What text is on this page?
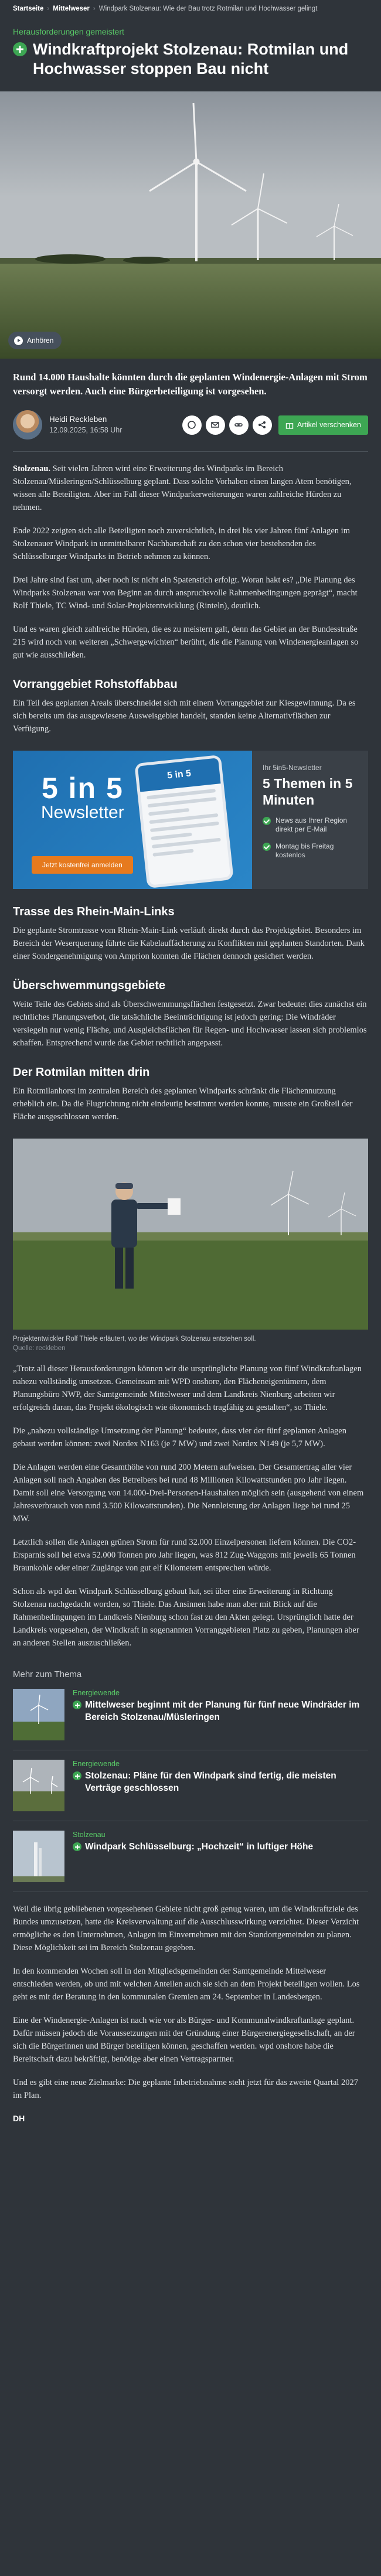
Startseite › Mittelweser › Windpark Stolzenau: Wie der Bau trotz Rotmilan und Hochwasser gelingt
Herausforderungen gemeistert
Windkraftprojekt Stolzenau: Rotmilan und Hochwasser stoppen Bau nicht
Anhören

Rund 14.000 Haushalte könnten durch die geplanten Windenergie-Anlagen mit Strom versorgt werden. Auch eine Bürgerbeteiligung ist vorgesehen.

Heidi Reckleben
12.09.2025, 16:58 Uhr
Artikel verschenken

Stolzenau. Seit vielen Jahren wird eine Erweiterung des Windparks im Bereich Stolzenau/Müsleringen/Schlüsselburg geplant. Dass solche Vorhaben einen langen Atem benötigen, wissen alle Beteiligten. Aber im Fall dieser Windparkerweiterungen waren zahlreiche Hürden zu nehmen.

Ende 2022 zeigten sich alle Beteiligten noch zuversichtlich, in drei bis vier Jahren fünf Anlagen im Stolzenauer Windpark in unmittelbarer Nachbarschaft zu den schon vier bestehenden des Schlüsselburger Windparks in Betrieb nehmen zu können.

Drei Jahre sind fast um, aber noch ist nicht ein Spatenstich erfolgt. Woran hakt es? „Die Planung des Windparks Stolzenau war von Beginn an durch anspruchsvolle Rahmenbedingungen geprägt“, macht Rolf Thiele, TC Wind- und Solar-Projektentwicklung (Rinteln), deutlich.

Und es waren gleich zahlreiche Hürden, die es zu meistern galt, denn das Gebiet an der Bundesstraße 215 wird noch von weiteren „Schwergewichten“ berührt, die die Planung von Windenergieanlagen so gut wie ausschließen.

Vorranggebiet Rohstoffabbau

Ein Teil des geplanten Areals überschneidet sich mit einem Vorranggebiet zur Kiesgewinnung. Da es sich bereits um das ausgewiesene Ausweisgebiet handelt, standen keine Alternativflächen zur Verfügung.

5 in 5
Newsletter
5 in 5
Jetzt kostenfrei anmelden
Ihr 5in5-Newsletter
5 Themen in 5 Minuten
News aus Ihrer Region direkt per E-Mail
Montag bis Freitag kostenlos
Trasse des Rhein-Main-Links

Die geplante Stromtrasse vom Rhein-Main-Link verläuft direkt durch das Projektgebiet. Besonders im Bereich der Weserquerung führte die Kabelauffächerung zu Konflikten mit geplanten Standorten. Dank einer Sondergenehmigung von Amprion konnten die Flächen dennoch gesichert werden.

Überschwemmungsgebiete

Weite Teile des Gebiets sind als Überschwemmungsflächen festgesetzt. Zwar bedeutet dies zunächst ein rechtliches Planungsverbot, die tatsächliche Beeinträchtigung ist jedoch gering: Die Windräder versiegeln nur wenig Fläche, und Ausgleichsflächen für Regen- und Hochwasser lassen sich problemlos schaffen. Entsprechend wurde das Gebiet rechtlich angepasst.

Der Rotmilan mitten drin

Ein Rotmilanhorst im zentralen Bereich des geplanten Windparks schränkt die Flächennutzung erheblich ein. Da die Flugrichtung nicht eindeutig bestimmt werden konnte, musste ein Großteil der Fläche ausgeschlossen werden.

Projektentwickler Rolf Thiele erläutert, wo der Windpark Stolzenau entstehen soll.
Quelle: reckleben

„Trotz all dieser Herausforderungen können wir die ursprüngliche Planung von fünf Windkraftanlagen nahezu vollständig umsetzen. Gemeinsam mit WPD onshore, den Flächeneigentümern, dem Planungsbüro NWP, der Samtgemeinde Mittelweser und dem Landkreis Nienburg arbeiten wir erfolgreich daran, das Projekt ökologisch wie ökonomisch tragfähig zu gestalten“, so Thiele.

Die „nahezu vollständige Umsetzung der Planung“ bedeutet, dass vier der fünf geplanten Anlagen gebaut werden können: zwei Nordex N163 (je 7 MW) und zwei Nordex N149 (je 5,7 MW).

Die Anlagen werden eine Gesamthöhe von rund 200 Metern aufweisen. Der Gesamtertrag aller vier Anlagen soll nach Angaben des Betreibers bei rund 48 Millionen Kilowattstunden pro Jahr liegen. Damit soll eine Versorgung von 14.000-Drei-Personen-Haushalten möglich sein (ausgehend von einem Jahresverbrauch von rund 3.500 Kilowattstunden). Die Nennleistung der Anlagen liege bei rund 25 MW.

Letztlich sollen die Anlagen grünen Strom für rund 32.000 Einzelpersonen liefern können. Die CO2-Ersparnis soll bei etwa 52.000 Tonnen pro Jahr liegen, was 812 Zug-Waggons mit jeweils 65 Tonnen Braunkohle oder einer Zuglänge von gut elf Kilometern entsprechen würde.

Schon als wpd den Windpark Schlüsselburg gebaut hat, sei über eine Erweiterung in Richtung Stolzenau nachgedacht worden, so Thiele. Das Ansinnen habe man aber mit Blick auf die Rahmenbedingungen im Landkreis Nienburg schon fast zu den Akten gelegt. Ursprünglich hatte der Landkreis vorgesehen, der Windkraft in sogenannten Vorranggebieten Platz zu geben, Planungen aber an anderen Stellen auszuschließen.

Mehr zum Thema
Energiewende
Mittelweser beginnt mit der Planung für fünf neue Windräder im Bereich Stolzenau/Müsleringen
Energiewende
Stolzenau: Pläne für den Windpark sind fertig, die meisten Verträge geschlossen
Stolzenau
Windpark Schlüsselburg: „Hochzeit“ in luftiger Höhe

Weil die übrig gebliebenen vorgesehenen Gebiete nicht groß genug waren, um die Windkraftziele des Bundes umzusetzen, hatte die Kreisverwaltung auf die Ausschlusswirkung verzichtet. Dieser Verzicht ermögliche es den Unternehmen, Anlagen im Einvernehmen mit den Standortgemeinden zu planen. Diese Möglichkeit sei im Bereich Stolzenau gegeben.

In den kommenden Wochen soll in den Mitgliedsgemeinden der Samtgemeinde Mittelweser entschieden werden, ob und mit welchen Anteilen auch sie sich an dem Projekt beteiligen wollen. Los geht es mit der Beratung in den kommunalen Gremien am 24. September in Landesbergen.

Eine der Windenergie-Anlagen ist nach wie vor als Bürger- und Kommunalwindkraftanlage geplant. Dafür müssen jedoch die Voraussetzungen mit der Gründung einer Bürgerenergiegesellschaft, an der sich die Bürgerinnen und Bürger beteiligen können, geschaffen werden. wpd onshore habe die Bereitschaft dazu bekräftigt, benötige aber einen Vertragspartner.

Und es gibt eine neue Zielmarke: Die geplante Inbetriebnahme steht jetzt für das zweite Quartal 2027 im Plan.

DH
